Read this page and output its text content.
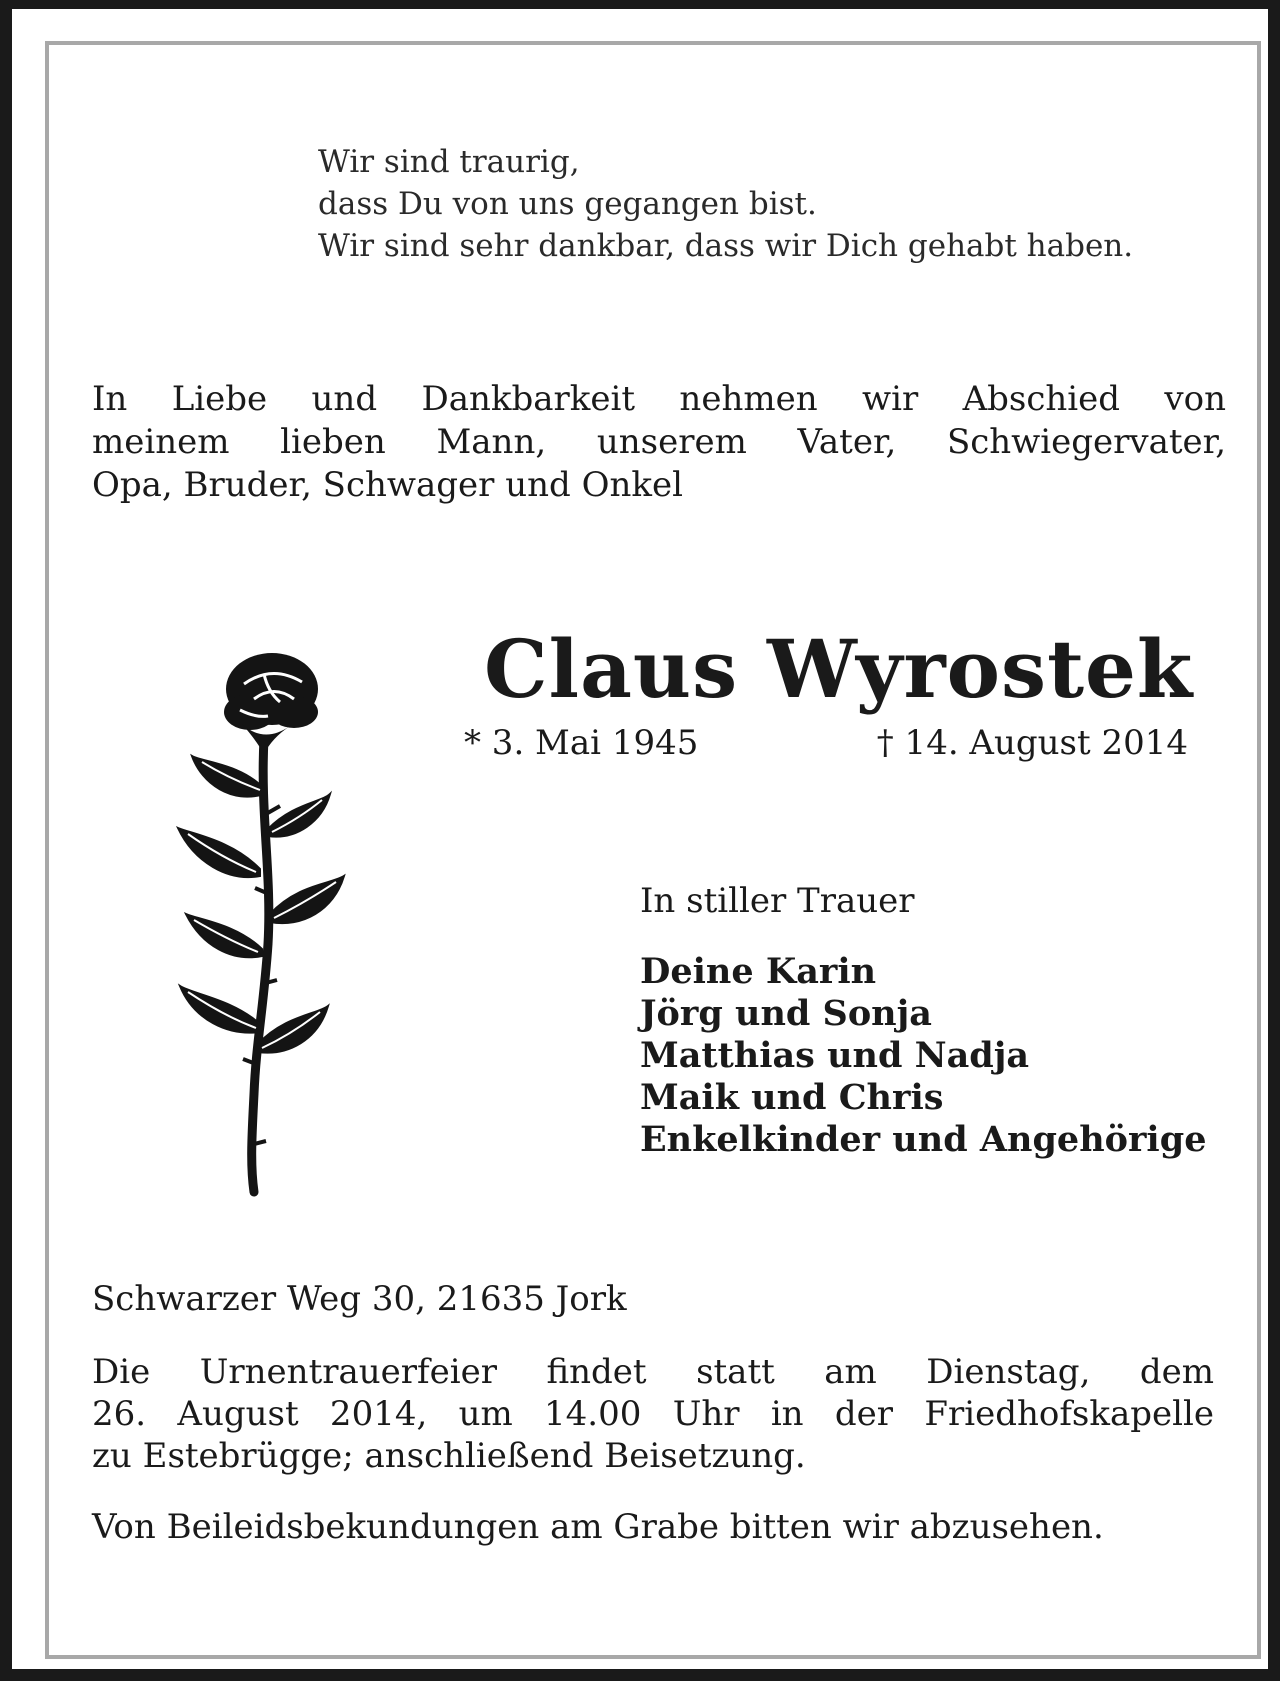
Wir sind traurig,
dass Du von uns gegangen bist.
Wir sind sehr dankbar, dass wir Dich gehabt haben.
In Liebe und Dankbarkeit nehmen wir Abschied von
meinem lieben Mann, unserem Vater, Schwiegervater,
Opa, Bruder, Schwager und Onkel
Claus Wyrostek
* 3. Mai 1945	† 14. August 2014
In stiller Trauer
Deine Karin
Jörg und Sonja
Matthias und Nadja
Maik und Chris
Enkelkinder und Angehörige
Schwarzer Weg 30, 21635 Jork
Die Urnentrauerfeier findet statt am Dienstag, dem
26. August 2014, um 14.00 Uhr in der Friedhofskapelle
zu Estebrügge; anschließend Beisetzung.
Von Beileidsbekundungen am Grabe bitten wir abzusehen.
